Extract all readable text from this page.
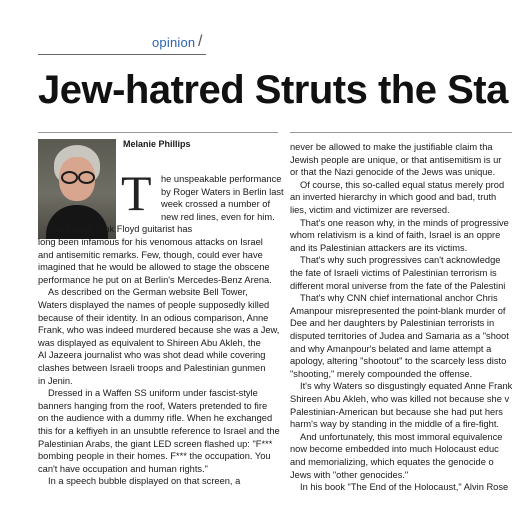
opinion /
Jew-hatred Struts the Sta
Melanie Phillips
T he unspeakable performance
by Roger Waters in Berlin last
week crossed a number of
new red lines, even for him.
The former Pink Floyd guitarist has
long been infamous for his venomous attacks on Israel
and antisemitic remarks. Few, though, could ever have
imagined that he would be allowed to stage the obscene
performance he put on at Berlin's Mercedes-Benz Arena.
As described on the German website Bell Tower,
Waters displayed the names of people supposedly killed
because of their identity. In an odious comparison, Anne
Frank, who was indeed murdered because she was a Jew,
was displayed as equivalent to Shireen Abu Akleh, the
Al Jazeera journalist who was shot dead while covering
clashes between Israeli troops and Palestinian gunmen
in Jenin.
Dressed in a Waffen SS uniform under fascist-style
banners hanging from the roof, Waters pretended to fire
on the audience with a dummy rifle. When he exchanged
this for a keffiyeh in an unsubtle reference to Israel and the
Palestinian Arabs, the giant LED screen flashed up: "F***
bombing people in their homes. F*** the occupation. You
can't have occupation and human rights."
In a speech bubble displayed on that screen, a
never be allowed to make the justifiable claim tha
Jewish people are unique, or that antisemitism is ur
or that the Nazi genocide of the Jews was unique.
Of course, this so-called equal status merely prod
an inverted hierarchy in which good and bad, truth
lies, victim and victimizer are reversed.
That's one reason why, in the minds of progressive
whom relativism is a kind of faith, Israel is an oppre
and its Palestinian attackers are its victims.
That's why such progressives can't acknowledge
the fate of Israeli victims of Palestinian terrorism is
different moral universe from the fate of the Palestini
That's why CNN chief international anchor Chris
Amanpour misrepresented the point-blank murder of
Dee and her daughters by Palestinian terrorists in
disputed territories of Judea and Samaria as a "shoot
and why Amanpour's belated and lame attempt a
apology, altering "shootout" to the scarcely less disto
"shooting," merely compounded the offense.
It's why Waters so disgustingly equated Anne Frank
Shireen Abu Akleh, who was killed not because she v
Palestinian-American but because she had put hers
harm's way by standing in the middle of a fire-fight.
And unfortunately, this most immoral equivalence
now become embedded into much Holocaust educ
and memorializing, which equates the genocide o
Jews with "other genocides."
In his book "The End of the Holocaust," Alvin Rose
